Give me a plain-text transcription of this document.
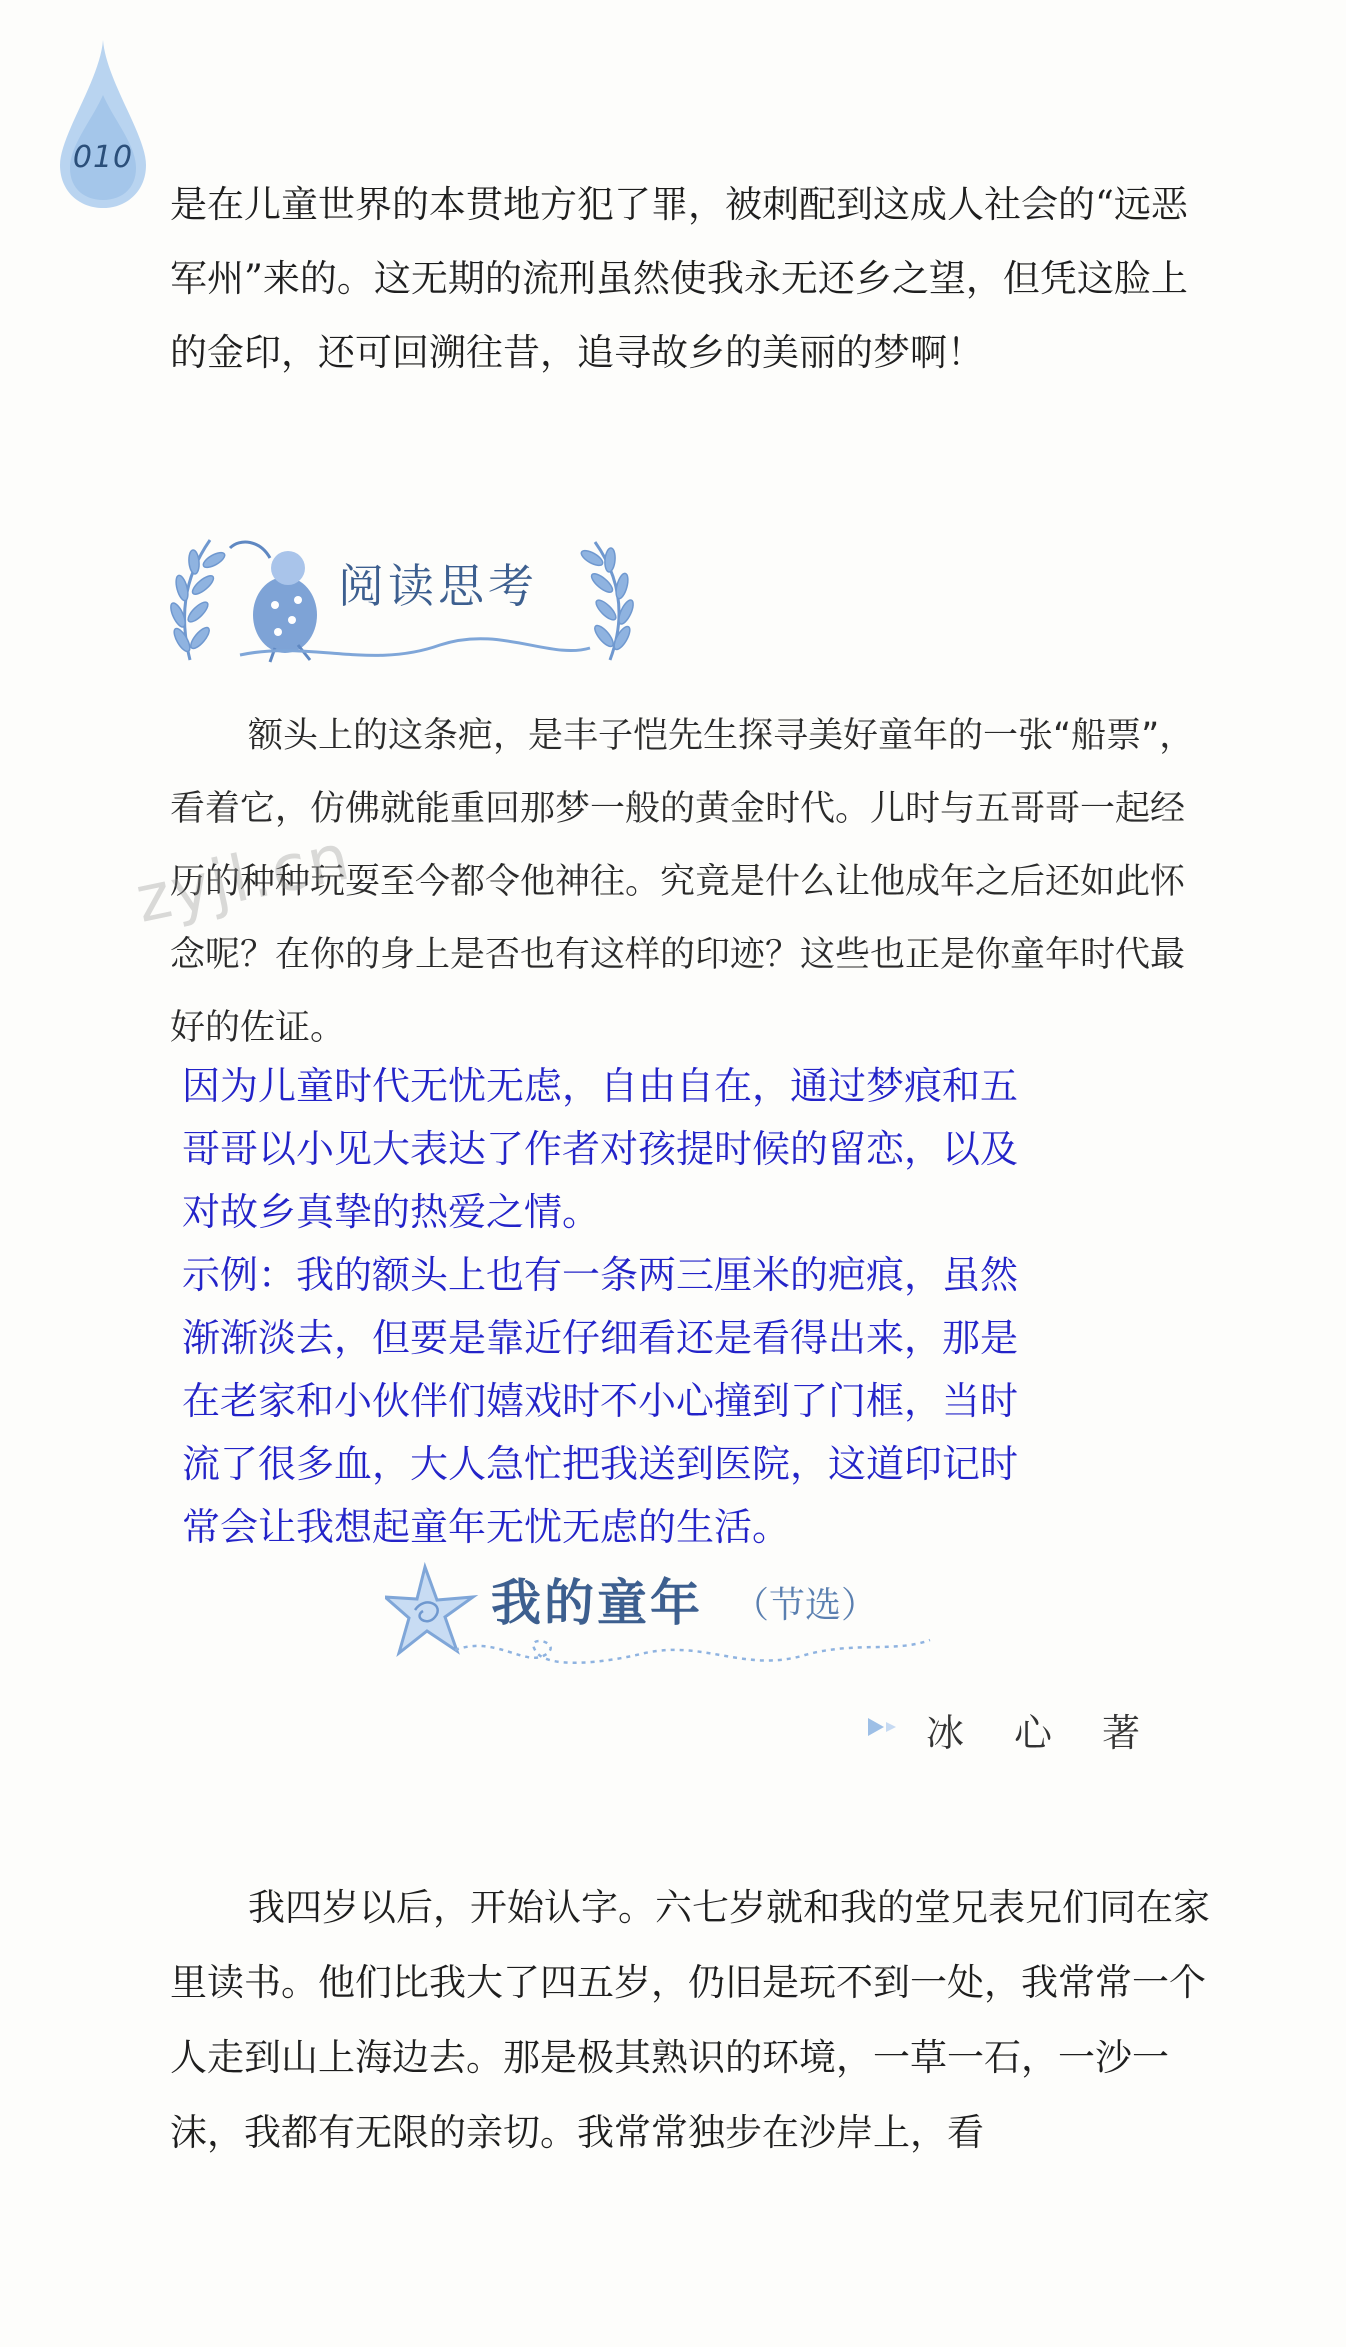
010

是在儿童世界的本贯地方犯了罪，被刺配到这成人社会的“远恶军州”来的。这无期的流刑虽然使我永无还乡之望，但凭这脸上的金印，还可回溯往昔，追寻故乡的美丽的梦啊！

阅读思考

额头上的这条疤，是丰子恺先生探寻美好童年的一张“船票”，看着它，仿佛就能重回那梦一般的黄金时代。儿时与五哥哥一起经历的种种玩耍至今都令他神往。究竟是什么让他成年之后还如此怀念呢？在你的身上是否也有这样的印迹？这些也正是你童年时代最好的佐证。

zyjl.cn
因为儿童时代无忧无虑，自由自在，通过梦痕和五
哥哥以小见大表达了作者对孩提时候的留恋，以及
对故乡真挚的热爱之情。
示例：我的额头上也有一条两三厘米的疤痕，虽然
渐渐淡去，但要是靠近仔细看还是看得出来，那是
在老家和小伙伴们嬉戏时不小心撞到了门框，当时
流了很多血，大人急忙把我送到医院，这道印记时
常会让我想起童年无忧无虑的生活。
我的童年 （节选）
冰　心　著

我四岁以后，开始认字。六七岁就和我的堂兄表兄们同在家里读书。他们比我大了四五岁，仍旧是玩不到一处，我常常一个人走到山上海边去。那是极其熟识的环境，一草一石，一沙一沫，我都有无限的亲切。我常常独步在沙岸上，看
